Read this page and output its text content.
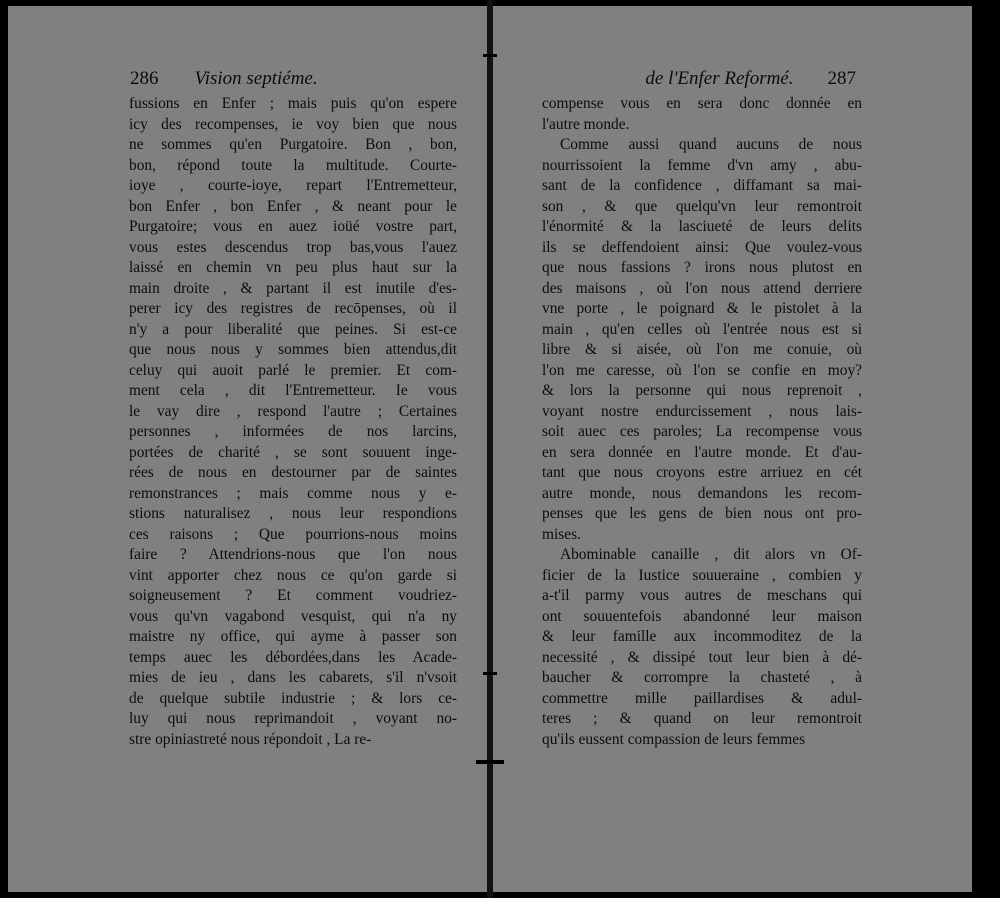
286 Vision septiéme.
fussions en Enfer ; mais puis qu'on espere
icy des recompenses, ie voy bien que nous
ne sommes qu'en Purgatoire. Bon , bon,
bon, répond toute la multitude. Courte-
ioye , courte-ioye, repart l'Entremetteur,
bon Enfer , bon Enfer , & neant pour le
Purgatoire; vous en auez ioüé vostre part,
vous estes descendus trop bas,vous l'auez
laissé en chemin vn peu plus haut sur la
main droite , & partant il est inutile d'es-
perer icy des registres de recōpenses, où il
n'y a pour liberalité que peines. Si est-ce
que nous nous y sommes bien attendus,dit
celuy qui auoit parlé le premier. Et com-
ment cela , dit l'Entremetteur. Ie vous
le vay dire , respond l'autre ; Certaines
personnes , informées de nos larcins,
portées de charité , se sont souuent inge-
rées de nous en destourner par de saintes
remonstrances ; mais comme nous y e-
stions naturalisez , nous leur respondions
ces raisons ; Que pourrions-nous moins
faire ? Attendrions-nous que l'on nous
vint apporter chez nous ce qu'on garde si
soigneusement ? Et comment voudriez-
vous qu'vn vagabond vesquist, qui n'a ny
maistre ny office, qui ayme à passer son
temps auec les débordées,dans les Acade-
mies de ieu , dans les cabarets, s'il n'vsoit
de quelque subtile industrie ; & lors ce-
luy qui nous reprimandoit , voyant no-
stre opiniastreté nous répondoit , La re-
de l'Enfer Reformé. 287
compense vous en sera donc donnée en
l'autre monde.
Comme aussi quand aucuns de nous
nourrissoient la femme d'vn amy , abu-
sant de la confidence , diffamant sa mai-
son , & que quelqu'vn leur remontroit
l'énormité & la lasciueté de leurs delits
ils se deffendoient ainsi: Que voulez-vous
que nous fassions ? irons nous plutost en
des maisons , où l'on nous attend derriere
vne porte , le poignard & le pistolet à la
main , qu'en celles où l'entrée nous est si
libre & si aisée, où l'on me conuie, où
l'on me caresse, où l'on se confie en moy?
& lors la personne qui nous reprenoit ,
voyant nostre endurcissement , nous lais-
soit auec ces paroles; La recompense vous
en sera donnée en l'autre monde. Et d'au-
tant que nous croyons estre arriuez en cét
autre monde, nous demandons les recom-
penses que les gens de bien nous ont pro-
mises.
Abominable canaille , dit alors vn Of-
ficier de la Iustice souueraine , combien y
a-t'il parmy vous autres de meschans qui
ont souuentefois abandonné leur maison
& leur famille aux incommoditez de la
necessité , & dissipé tout leur bien à dé-
baucher & corrompre la chasteté , à
commettre mille paillardises & adul-
teres ; & quand on leur remontroit
qu'ils eussent compassion de leurs femmes
